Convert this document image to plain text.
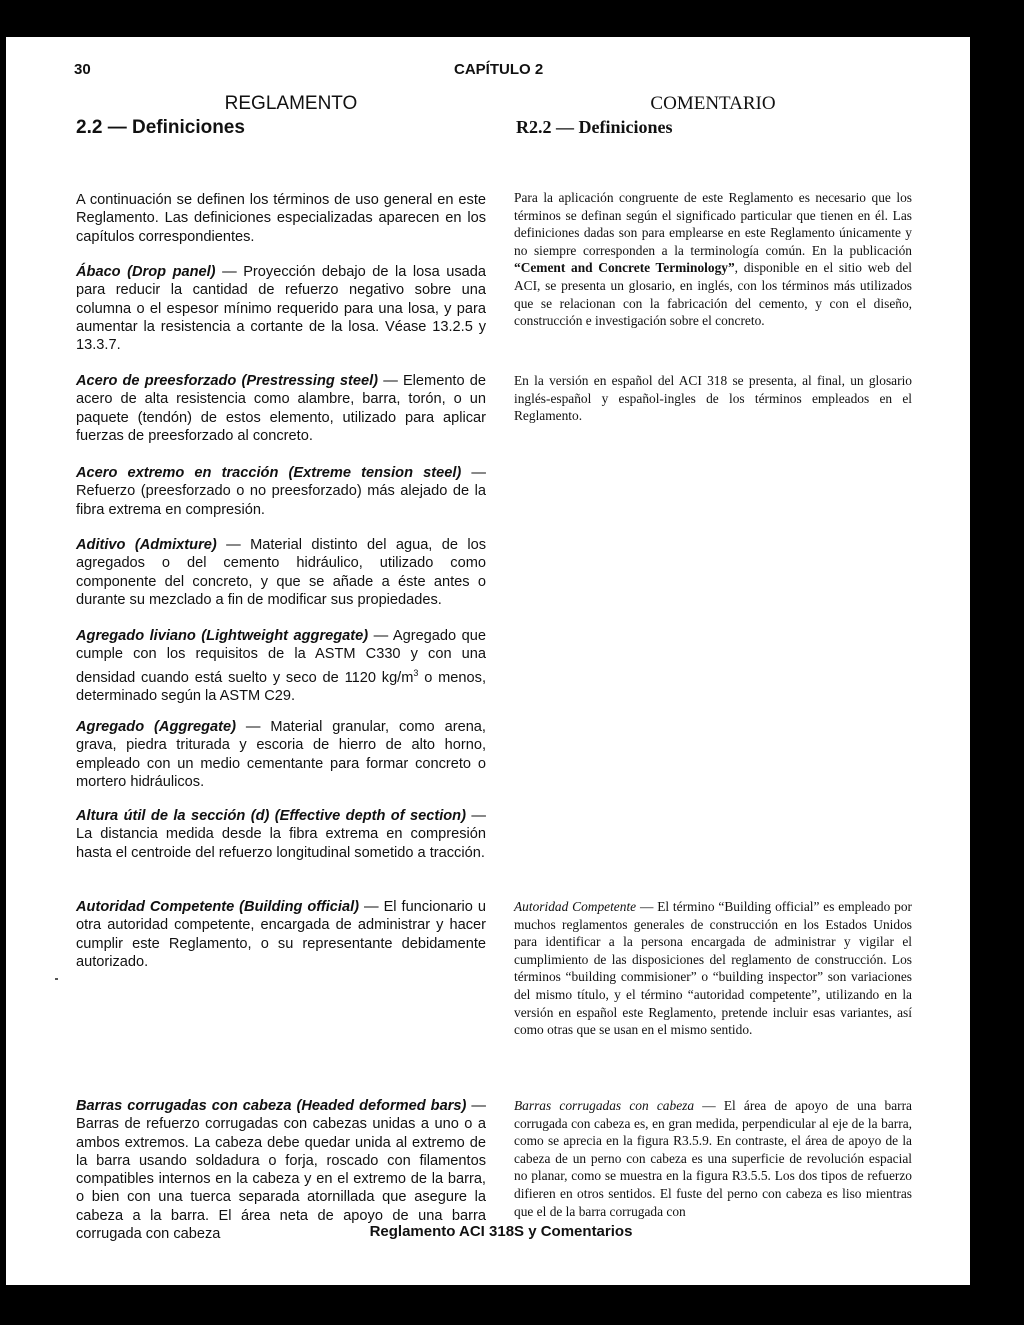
30	CAPÍTULO 2
REGLAMENTO
2.2 — Definiciones

A continuación se definen los términos de uso general en este Reglamento. Las definiciones especializadas aparecen en los capítulos correspondientes.

Ábaco (Drop panel) — Proyección debajo de la losa usada para reducir la cantidad de refuerzo negativo sobre una columna o el espesor mínimo requerido para una losa, y para aumentar la resistencia a cortante de la losa. Véase 13.2.5 y 13.3.7.

Acero de preesforzado (Prestressing steel) — Elemento de acero de alta resistencia como alambre, barra, torón, o un paquete (tendón) de estos elemento, utilizado para aplicar fuerzas de preesforzado al concreto.

Acero extremo en tracción (Extreme tension steel) — Refuerzo (preesforzado o no preesforzado) más alejado de la fibra extrema en compresión.

Aditivo (Admixture) — Material distinto del agua, de los agregados o del cemento hidráulico, utilizado como componente del concreto, y que se añade a éste antes o durante su mezclado a fin de modificar sus propiedades.

Agregado liviano (Lightweight aggregate) — Agregado que cumple con los requisitos de la ASTM C330 y con una densidad cuando está suelto y seco de 1120 $kg/m^3$ o menos, determinado según la ASTM C29.

Agregado (Aggregate) — Material granular, como arena, grava, piedra triturada y escoria de hierro de alto horno, empleado con un medio cementante para formar concreto o mortero hidráulicos.

Altura útil de la sección (d) (Effective depth of section) — La distancia medida desde la fibra extrema en compresión hasta el centroide del refuerzo longitudinal sometido a tracción.

Autoridad Competente (Building official) — El funcionario u otra autoridad competente, encargada de administrar y hacer cumplir este Reglamento, o su representante debidamente autorizado.

Barras corrugadas con cabeza (Headed deformed bars) — Barras de refuerzo corrugadas con cabezas unidas a uno o a ambos extremos. La cabeza debe quedar unida al extremo de la barra usando soldadura o forja, roscado con filamentos compatibles internos en la cabeza y en el extremo de la barra, o bien con una tuerca separada atornillada que asegure la cabeza a la barra. El área neta de apoyo de una barra corrugada con cabeza

COMENTARIO
R2.2 — Definiciones

Para la aplicación congruente de este Reglamento es necesario que los términos se definan según el significado particular que tienen en él. Las definiciones dadas son para emplearse en este Reglamento únicamente y no siempre corresponden a la terminología común. En la publicación “Cement and Concrete Terminology”, disponible en el sitio web del ACI, se presenta un glosario, en inglés, con los términos más utilizados que se relacionan con la fabricación del cemento, y con el diseño, construcción e investigación sobre el concreto.

En la versión en español del ACI 318 se presenta, al final, un glosario inglés-español y español-ingles de los términos empleados en el Reglamento.

Autoridad Competente — El término “Building official” es empleado por muchos reglamentos generales de construcción en los Estados Unidos para identificar a la persona encargada de administrar y vigilar el cumplimiento de las disposiciones del reglamento de construcción. Los términos “building commisioner” o “building inspector” son variaciones del mismo título, y el término “autoridad competente”, utilizando en la versión en español este Reglamento, pretende incluir esas variantes, así como otras que se usan en el mismo sentido.

Barras corrugadas con cabeza — El área de apoyo de una barra corrugada con cabeza es, en gran medida, perpendicular al eje de la barra, como se aprecia en la figura R3.5.9. En contraste, el área de apoyo de la cabeza de un perno con cabeza es una superficie de revolución espacial no planar, como se muestra en la figura R3.5.5. Los dos tipos de refuerzo difieren en otros sentidos. El fuste del perno con cabeza es liso mientras que el de la barra corrugada con

Reglamento ACI 318S y Comentarios
